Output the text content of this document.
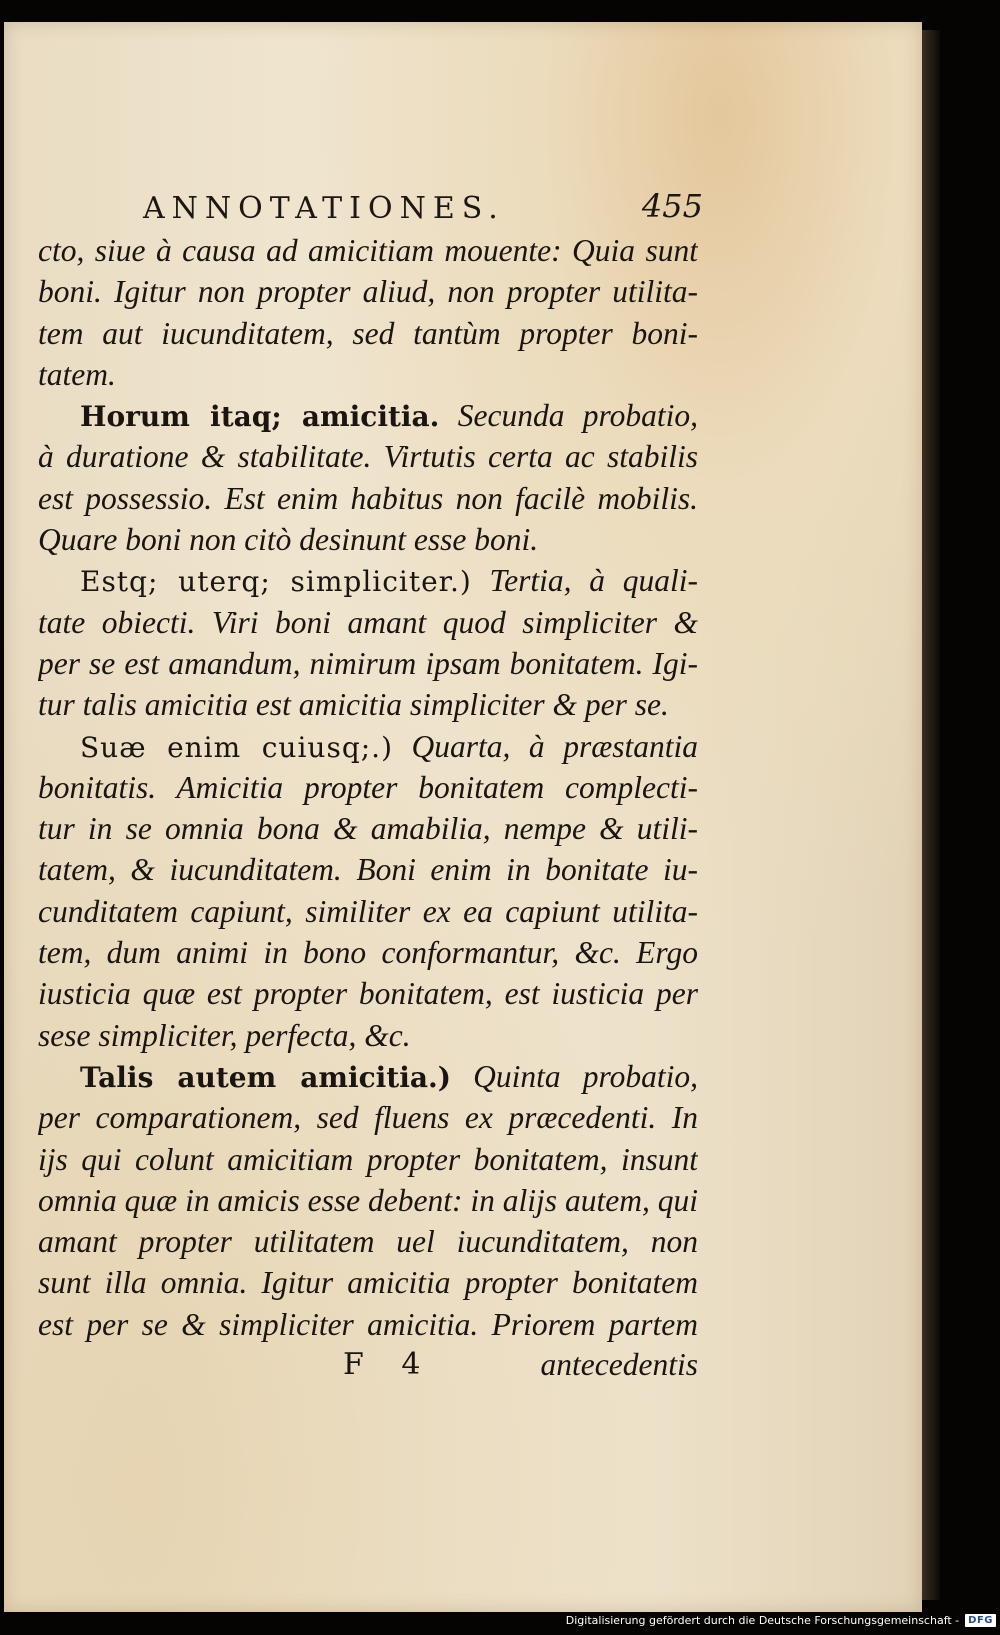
ANNOTATIONES.	455
cto, siue à causa ad amicitiam mouente: Quia sunt
boni. Igitur non propter aliud, non propter utilita-
tem aut iucunditatem, sed tantùm propter boni-
tatem.
Horum itaq; amicitia. Secunda probatio,
à duratione & stabilitate. Virtutis certa ac stabilis
est possessio. Est enim habitus non facilè mobilis.
Quare boni non citò desinunt esse boni.
Estq; uterq; simpliciter.) Tertia, à quali-
tate obiecti. Viri boni amant quod simpliciter &
per se est amandum, nimirum ipsam bonitatem. Igi-
tur talis amicitia est amicitia simpliciter & per se.
Suæ enim cuiusq;.) Quarta, à præstantia
bonitatis. Amicitia propter bonitatem complecti-
tur in se omnia bona & amabilia, nempe & utili-
tatem, & iucunditatem. Boni enim in bonitate iu-
cunditatem capiunt, similiter ex ea capiunt utilita-
tem, dum animi in bono conformantur, &c. Ergo
iusticia quæ est propter bonitatem, est iusticia per
sese simpliciter, perfecta, &c.
Talis autem amicitia.) Quinta probatio,
per comparationem, sed fluens ex præcedenti. In
ijs qui colunt amicitiam propter bonitatem, insunt
omnia quæ in amicis esse debent: in alijs autem, qui
amant propter utilitatem uel iucunditatem, non
sunt illa omnia. Igitur amicitia propter bonitatem
est per se & simpliciter amicitia. Priorem partem
F 4	antecedentis
Digitalisierung gefördert durch die Deutsche Forschungsgemeinschaft - DFG
